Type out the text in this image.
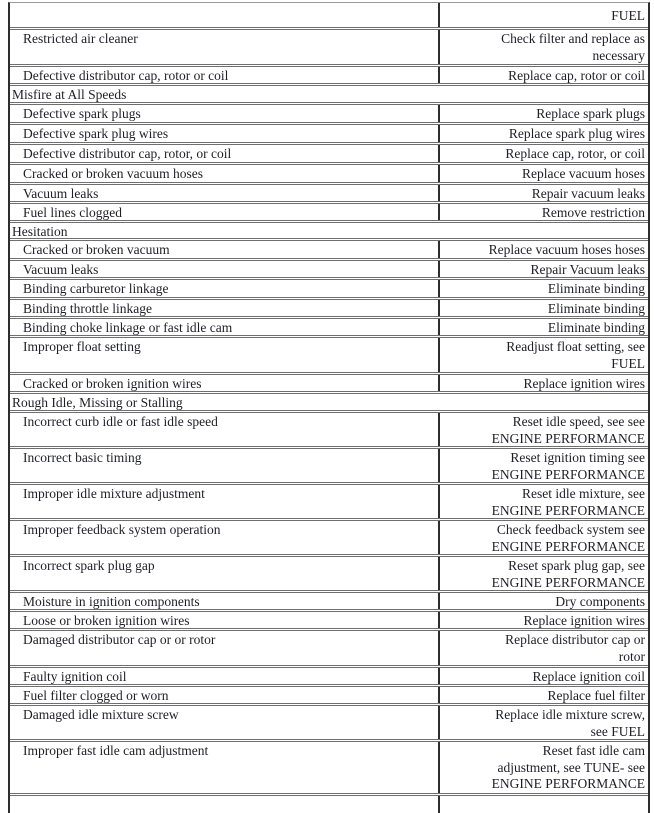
FUEL
Restricted air cleaner	Check filter and replace as
necessary
Defective distributor cap, rotor or coil	Replace cap, rotor or coil
Misfire at All Speeds
Defective spark plugs	Replace spark plugs
Defective spark plug wires	Replace spark plug wires
Defective distributor cap, rotor, or coil	Replace cap, rotor, or coil
Cracked or broken vacuum hoses	Replace vacuum hoses
Vacuum leaks	Repair vacuum leaks
Fuel lines clogged	Remove restriction
Hesitation
Cracked or broken vacuum	Replace vacuum hoses hoses
Vacuum leaks	Repair Vacuum leaks
Binding carburetor linkage	Eliminate binding
Binding throttle linkage	Eliminate binding
Binding choke linkage or fast idle cam	Eliminate binding
Improper float setting	Readjust float setting, see
FUEL
Cracked or broken ignition wires	Replace ignition wires
Rough Idle, Missing or Stalling
Incorrect curb idle or fast idle speed	Reset idle speed, see see
ENGINE PERFORMANCE
Incorrect basic timing	Reset ignition timing see
ENGINE PERFORMANCE
Improper idle mixture adjustment	Reset idle mixture, see
ENGINE PERFORMANCE
Improper feedback system operation	Check feedback system see
ENGINE PERFORMANCE
Incorrect spark plug gap	Reset spark plug gap, see
ENGINE PERFORMANCE
Moisture in ignition components	Dry components
Loose or broken ignition wires	Replace ignition wires
Damaged distributor cap or or rotor	Replace distributor cap or
rotor
Faulty ignition coil	Replace ignition coil
Fuel filter clogged or worn	Replace fuel filter
Damaged idle mixture screw	Replace idle mixture screw,
see FUEL
Improper fast idle cam adjustment	Reset fast idle cam
adjustment, see TUNE- see
ENGINE PERFORMANCE
